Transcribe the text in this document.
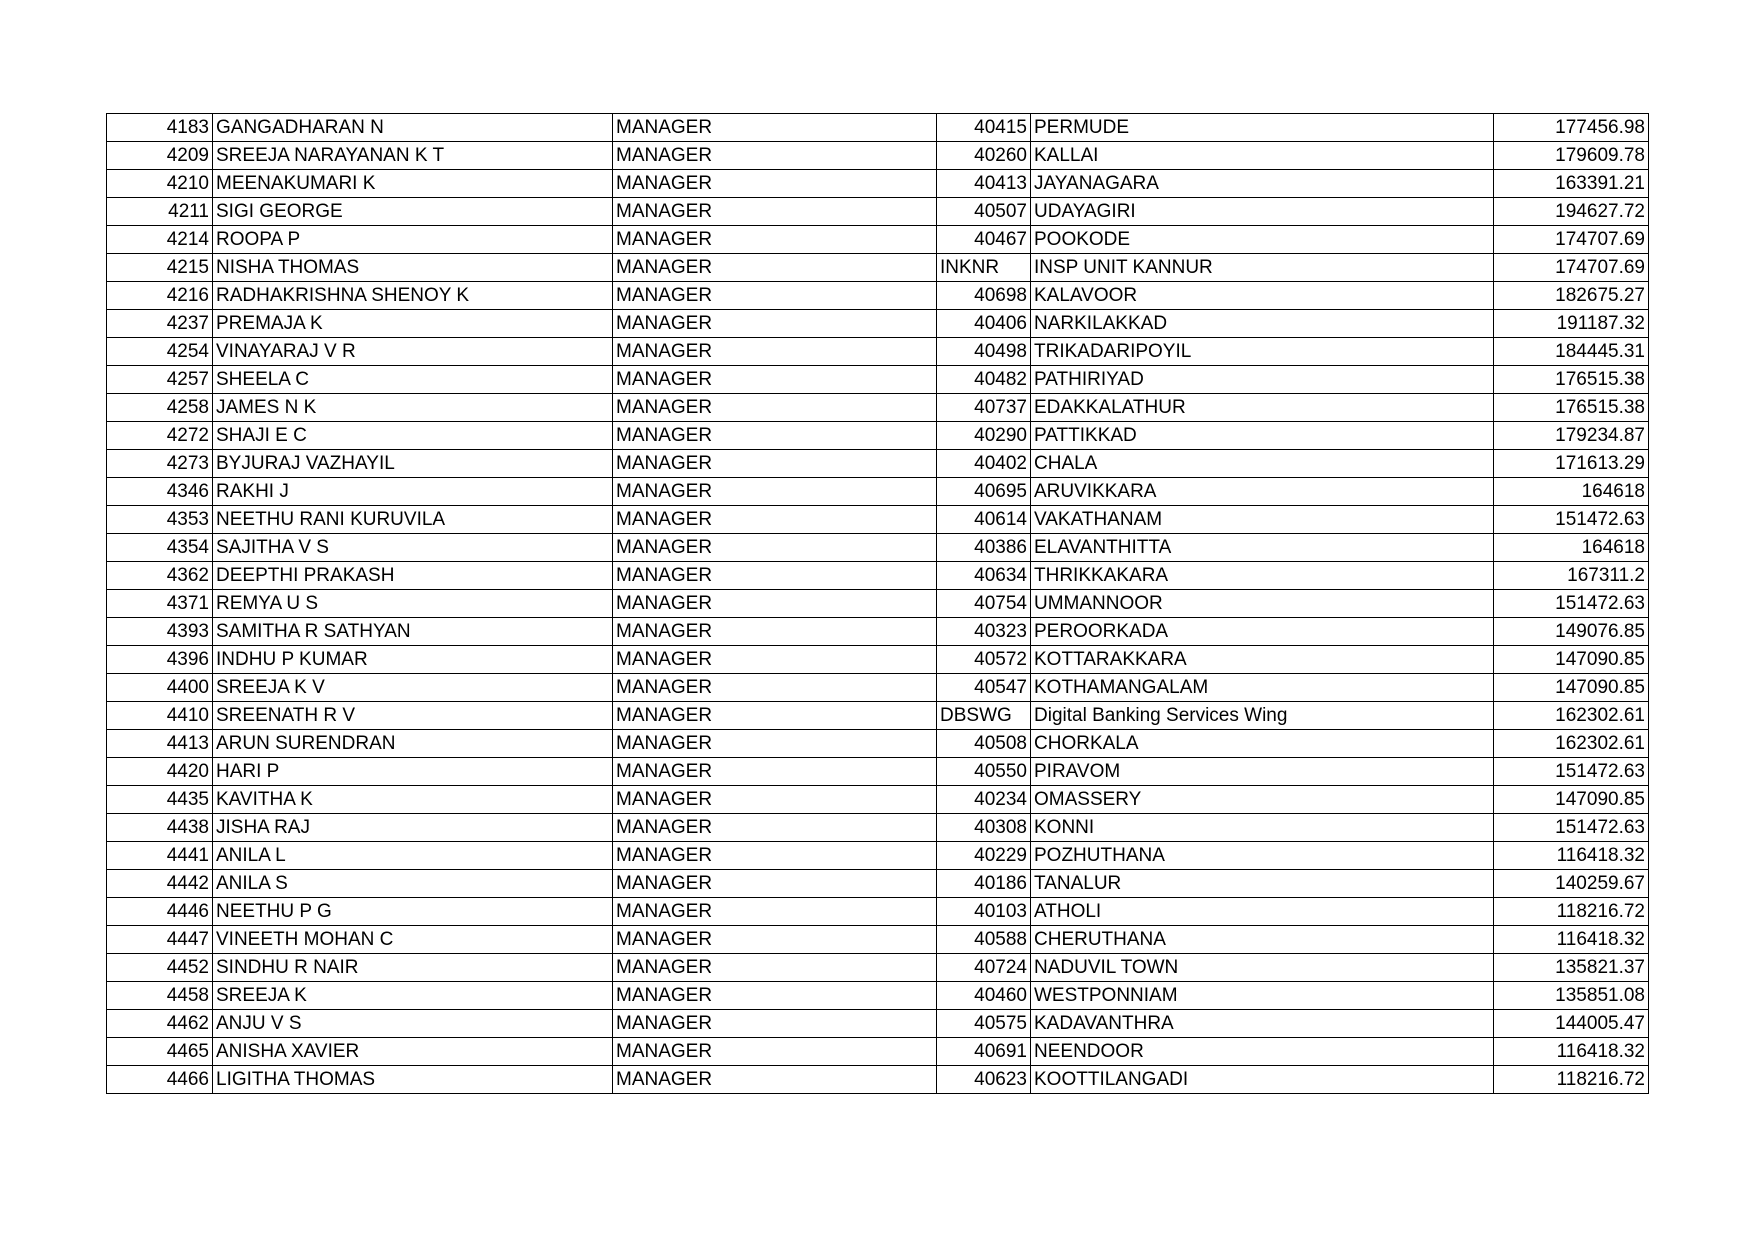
4183	GANGADHARAN N	MANAGER	40415	PERMUDE	177456.98
4209	SREEJA NARAYANAN K T	MANAGER	40260	KALLAI	179609.78
4210	MEENAKUMARI K	MANAGER	40413	JAYANAGARA	163391.21
4211	SIGI GEORGE	MANAGER	40507	UDAYAGIRI	194627.72
4214	ROOPA P	MANAGER	40467	POOKODE	174707.69
4215	NISHA THOMAS	MANAGER	INKNR	INSP UNIT KANNUR	174707.69
4216	RADHAKRISHNA SHENOY K	MANAGER	40698	KALAVOOR	182675.27
4237	PREMAJA K	MANAGER	40406	NARKILAKKAD	191187.32
4254	VINAYARAJ V R	MANAGER	40498	TRIKADARIPOYIL	184445.31
4257	SHEELA C	MANAGER	40482	PATHIRIYAD	176515.38
4258	JAMES N K	MANAGER	40737	EDAKKALATHUR	176515.38
4272	SHAJI E C	MANAGER	40290	PATTIKKAD	179234.87
4273	BYJURAJ VAZHAYIL	MANAGER	40402	CHALA	171613.29
4346	RAKHI J	MANAGER	40695	ARUVIKKARA	164618
4353	NEETHU RANI KURUVILA	MANAGER	40614	VAKATHANAM	151472.63
4354	SAJITHA V S	MANAGER	40386	ELAVANTHITTA	164618
4362	DEEPTHI PRAKASH	MANAGER	40634	THRIKKAKARA	167311.2
4371	REMYA U S	MANAGER	40754	UMMANNOOR	151472.63
4393	SAMITHA R SATHYAN	MANAGER	40323	PEROORKADA	149076.85
4396	INDHU P KUMAR	MANAGER	40572	KOTTARAKKARA	147090.85
4400	SREEJA K V	MANAGER	40547	KOTHAMANGALAM	147090.85
4410	SREENATH R V	MANAGER	DBSWG	Digital Banking Services Wing	162302.61
4413	ARUN SURENDRAN	MANAGER	40508	CHORKALA	162302.61
4420	HARI P	MANAGER	40550	PIRAVOM	151472.63
4435	KAVITHA K	MANAGER	40234	OMASSERY	147090.85
4438	JISHA RAJ	MANAGER	40308	KONNI	151472.63
4441	ANILA L	MANAGER	40229	POZHUTHANA	116418.32
4442	ANILA S	MANAGER	40186	TANALUR	140259.67
4446	NEETHU P G	MANAGER	40103	ATHOLI	118216.72
4447	VINEETH MOHAN C	MANAGER	40588	CHERUTHANA	116418.32
4452	SINDHU R NAIR	MANAGER	40724	NADUVIL TOWN	135821.37
4458	SREEJA K	MANAGER	40460	WESTPONNIAM	135851.08
4462	ANJU V S	MANAGER	40575	KADAVANTHRA	144005.47
4465	ANISHA XAVIER	MANAGER	40691	NEENDOOR	116418.32
4466	LIGITHA THOMAS	MANAGER	40623	KOOTTILANGADI	118216.72
